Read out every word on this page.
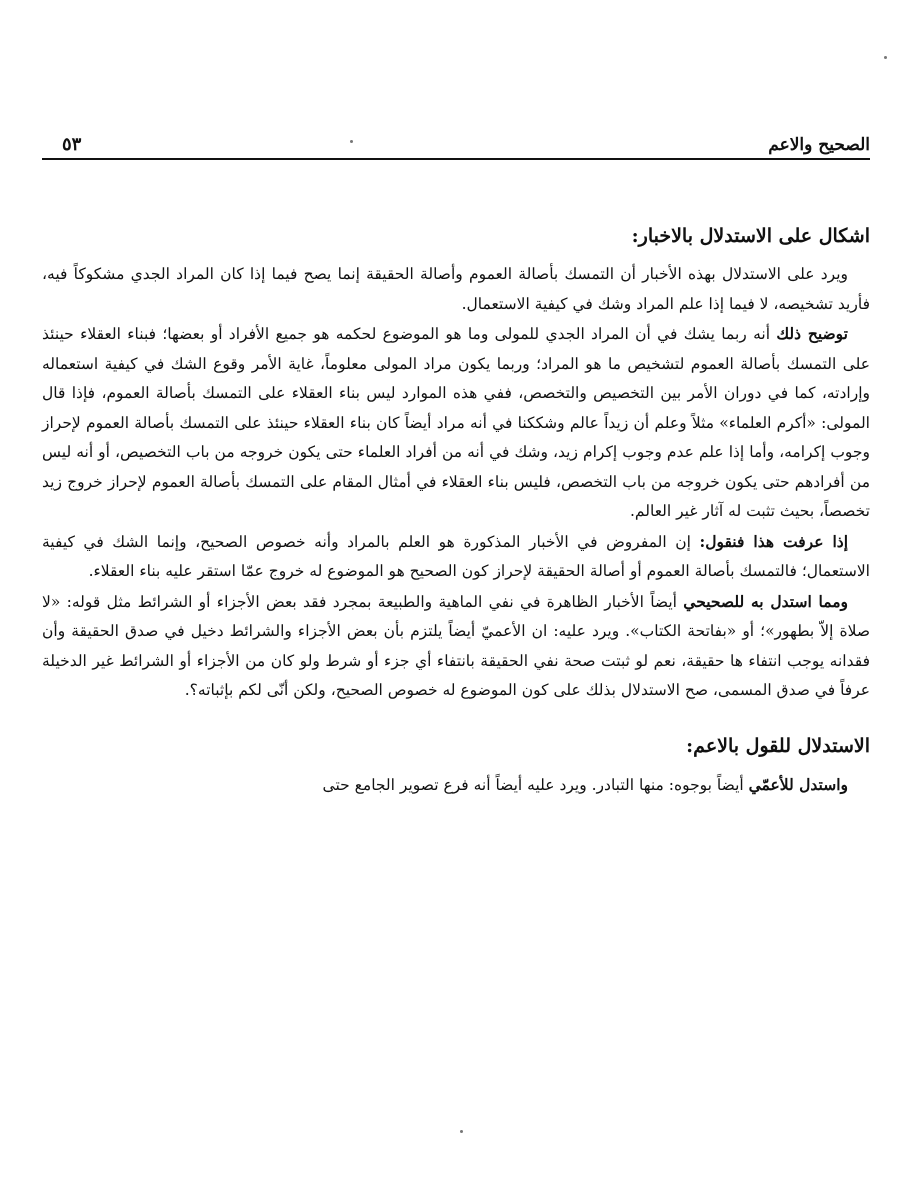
الصحيح والاعم
٥٣
اشكال على الاستدلال بالاخبار:

ويرد على الاستدلال بهذه الأخبار أن التمسك بأصالة العموم وأصالة الحقيقة إنما يصح فيما إذا كان المراد الجدي مشكوكاً فيه، فأريد تشخيصه، لا فيما إذا علم المراد وشك في كيفية الاستعمال.

توضيح ذلك أنه ربما يشك في أن المراد الجدي للمولى وما هو الموضوع لحكمه هو جميع الأفراد أو بعضها؛ فبناء العقلاء حينئذ على التمسك بأصالة العموم لتشخيص ما هو المراد؛ وربما يكون مراد المولى معلوماً، غاية الأمر وقوع الشك في كيفية استعماله وإرادته، كما في دوران الأمر بين التخصيص والتخصص، ففي هذه الموارد ليس بناء العقلاء على التمسك بأصالة العموم، فإذا قال المولى: «أكرم العلماء» مثلاً وعلم أن زيداً عالم وشككنا في أنه مراد أيضاً كان بناء العقلاء حينئذ على التمسك بأصالة العموم لإحراز وجوب إكرامه، وأما إذا علم عدم وجوب إكرام زيد، وشك في أنه من أفراد العلماء حتى يكون خروجه من باب التخصيص، أو أنه ليس من أفرادهم حتى يكون خروجه من باب التخصص، فليس بناء العقلاء في أمثال المقام على التمسك بأصالة العموم لإحراز خروج زيد تخصصاً، بحيث تثبت له آثار غير العالم.

إذا عرفت هذا فنقول: إن المفروض في الأخبار المذكورة هو العلم بالمراد وأنه خصوص الصحيح، وإنما الشك في كيفية الاستعمال؛ فالتمسك بأصالة العموم أو أصالة الحقيقة لإحراز كون الصحيح هو الموضوع له خروج عمّا استقر عليه بناء العقلاء.

ومما استدل به للصحيحي أيضاً الأخبار الظاهرة في نفي الماهية والطبيعة بمجرد فقد بعض الأجزاء أو الشرائط مثل قوله: «لا صلاة إلاّ بطهور»؛ أو «بفاتحة الكتاب». ويرد عليه: ان الأعميّ أيضاً يلتزم بأن بعض الأجزاء والشرائط دخيل في صدق الحقيقة وأن فقدانه يوجب انتفاء ها حقيقة، نعم لو ثبتت صحة نفي الحقيقة بانتفاء أي جزء أو شرط ولو كان من الأجزاء أو الشرائط غير الدخيلة عرفاً في صدق المسمى، صح الاستدلال بذلك على كون الموضوع له خصوص الصحيح، ولكن أنّى لكم بإثباته؟.

الاستدلال للقول بالاعم:

واستدل للأعمّي أيضاً بوجوه: منها التبادر. ويرد عليه أيضاً أنه فرع تصوير الجامع حتى
